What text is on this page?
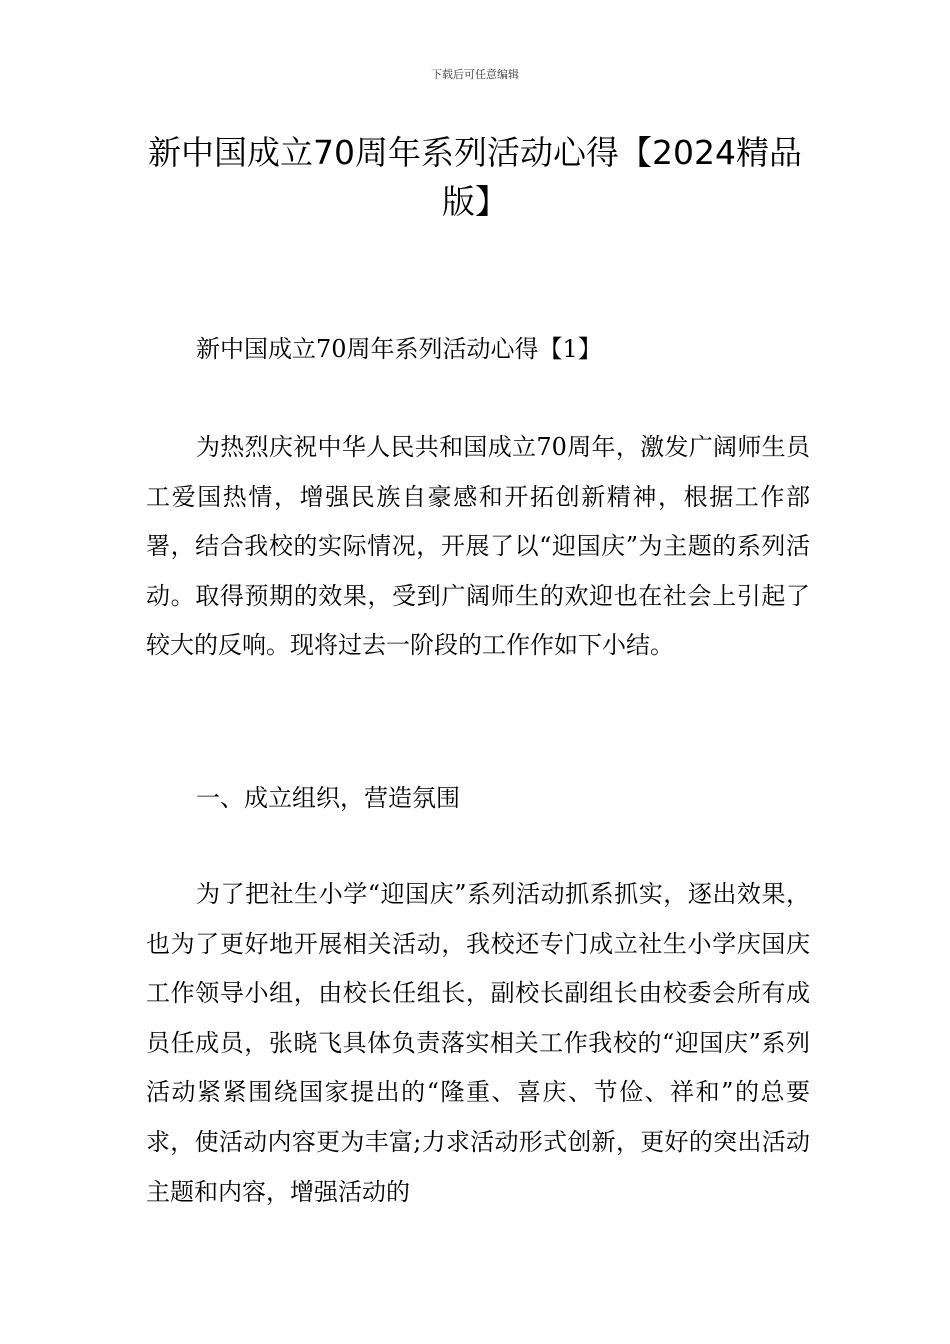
下载后可任意编辑
新中国成立70周年系列活动心得【2024精品版】

新中国成立70周年系列活动心得【1】

为热烈庆祝中华人民共和国成立70周年，激发广阔师生员工爱国热情，增强民族自豪感和开拓创新精神，根据工作部署，结合我校的实际情况，开展了以“迎国庆”为主题的系列活动。取得预期的效果，受到广阔师生的欢迎也在社会上引起了较大的反响。现将过去一阶段的工作作如下小结。

一、成立组织，营造氛围

为了把社生小学“迎国庆”系列活动抓系抓实，逐出效果，也为了更好地开展相关活动，我校还专门成立社生小学庆国庆工作领导小组，由校长任组长，副校长副组长由校委会所有成员任成员，张晓飞具体负责落实相关工作我校的“迎国庆”系列活动紧紧围绕国家提出的“隆重、喜庆、节俭、祥和”的总要求，使活动内容更为丰富;力求活动形式创新，更好的突出活动主题和内容，增强活动的
